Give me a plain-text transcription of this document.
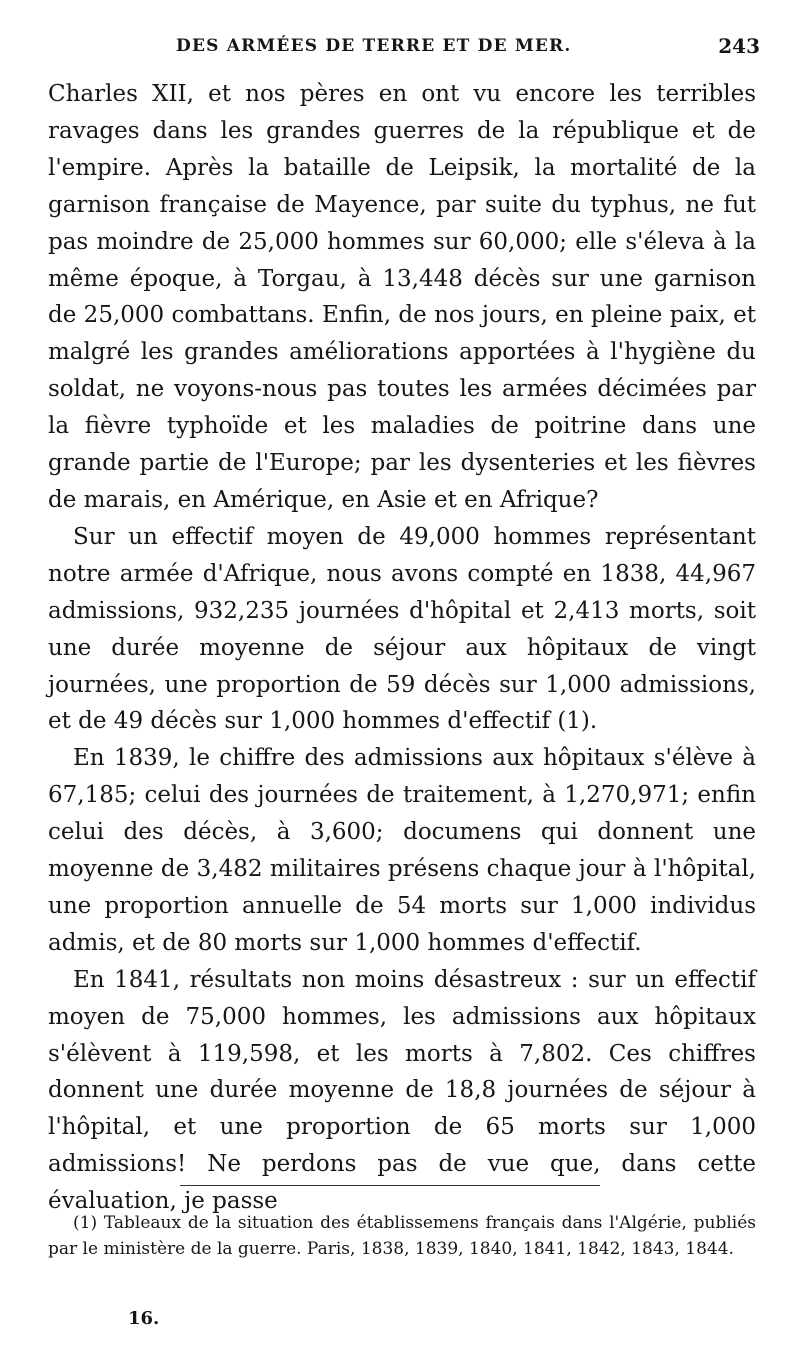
DES ARMÉES DE TERRE ET DE MER.	243

Charles XII, et nos pères en ont vu encore les terribles ravages dans les grandes guerres de la république et de l'empire. Après la bataille de Leipsik, la mortalité de la garnison française de Mayence, par suite du typhus, ne fut pas moindre de 25,000 hommes sur 60,000; elle s'éleva à la même époque, à Torgau, à 13,448 décès sur une garnison de 25,000 combattans. Enfin, de nos jours, en pleine paix, et malgré les grandes améliorations apportées à l'hygiène du soldat, ne voyons-nous pas toutes les armées décimées par la fièvre typhoïde et les maladies de poitrine dans une grande partie de l'Europe; par les dysenteries et les fièvres de marais, en Amérique, en Asie et en Afrique?

Sur un effectif moyen de 49,000 hommes représentant notre armée d'Afrique, nous avons compté en 1838, 44,967 admissions, 932,235 journées d'hôpital et 2,413 morts, soit une durée moyenne de séjour aux hôpitaux de vingt journées, une proportion de 59 décès sur 1,000 admissions, et de 49 décès sur 1,000 hommes d'effectif (1).

En 1839, le chiffre des admissions aux hôpitaux s'élève à 67,185; celui des journées de traitement, à 1,270,971; enfin celui des décès, à 3,600; documens qui donnent une moyenne de 3,482 militaires présens chaque jour à l'hôpital, une proportion annuelle de 54 morts sur 1,000 individus admis, et de 80 morts sur 1,000 hommes d'effectif.

En 1841, résultats non moins désastreux : sur un effectif moyen de 75,000 hommes, les admissions aux hôpitaux s'élèvent à 119,598, et les morts à 7,802. Ces chiffres donnent une durée moyenne de 18,8 journées de séjour à l'hôpital, et une proportion de 65 morts sur 1,000 admissions! Ne perdons pas de vue que, dans cette évaluation, je passe

(1) Tableaux de la situation des établissemens français dans l'Algérie, publiés par le ministère de la guerre. Paris, 1838, 1839, 1840, 1841, 1842, 1843, 1844.

16.
